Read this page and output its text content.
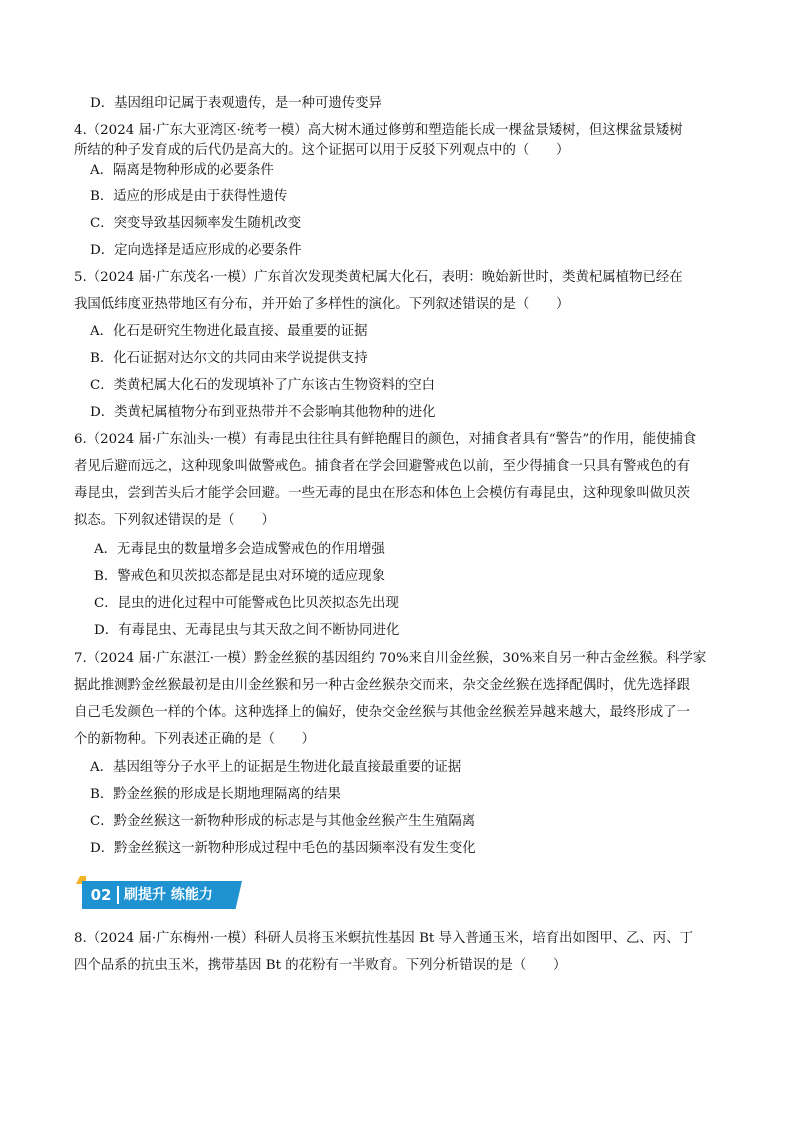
D．基因组印记属于表观遗传，是一种可遗传变异
4.（2024 届·广东大亚湾区·统考一模）高大树木通过修剪和塑造能长成一棵盆景矮树，但这棵盆景矮树
所结的种子发育成的后代仍是高大的。这个证据可以用于反驳下列观点中的（　　）
A．隔离是物种形成的必要条件
B．适应的形成是由于获得性遗传
C．突变导致基因频率发生随机改变
D．定向选择是适应形成的必要条件
5.（2024 届·广东茂名·一模）广东首次发现类黄杞属大化石，表明：晚始新世时，类黄杞属植物已经在
我国低纬度亚热带地区有分布，并开始了多样性的演化。下列叙述错误的是（　　）
A．化石是研究生物进化最直接、最重要的证据
B．化石证据对达尔文的共同由来学说提供支持
C．类黄杞属大化石的发现填补了广东该古生物资料的空白
D．类黄杞属植物分布到亚热带并不会影响其他物种的进化
6.（2024 届·广东汕头·一模）有毒昆虫往往具有鲜艳醒目的颜色，对捕食者具有“警告”的作用，能使捕食
者见后避而远之，这种现象叫做警戒色。捕食者在学会回避警戒色以前，至少得捕食一只具有警戒色的有
毒昆虫，尝到苦头后才能学会回避。一些无毒的昆虫在形态和体色上会模仿有毒昆虫，这种现象叫做贝茨
拟态。下列叙述错误的是（　　）
A．无毒昆虫的数量增多会造成警戒色的作用增强
B．警戒色和贝茨拟态都是昆虫对环境的适应现象
C．昆虫的进化过程中可能警戒色比贝茨拟态先出现
D．有毒昆虫、无毒昆虫与其天敌之间不断协同进化
7.（2024 届·广东湛江·一模）黔金丝猴的基因组约 70%来自川金丝猴，30%来自另一种古金丝猴。科学家
据此推测黔金丝猴最初是由川金丝猴和另一种古金丝猴杂交而来，杂交金丝猴在选择配偶时，优先选择跟
自己毛发颜色一样的个体。这种选择上的偏好，使杂交金丝猴与其他金丝猴差异越来越大，最终形成了一
个的新物种。下列表述正确的是（　　）
A．基因组等分子水平上的证据是生物进化最直接最重要的证据
B．黔金丝猴的形成是长期地理隔离的结果
C．黔金丝猴这一新物种形成的标志是与其他金丝猴产生生殖隔离
D．黔金丝猴这一新物种形成过程中毛色的基因频率没有发生变化
02 刷提升 练能力
8.（2024 届·广东梅州·一模）科研人员将玉米螟抗性基因 Bt 导入普通玉米，培育出如图甲、乙、丙、丁
四个品系的抗虫玉米，携带基因 Bt 的花粉有一半败育。下列分析错误的是（　　）
